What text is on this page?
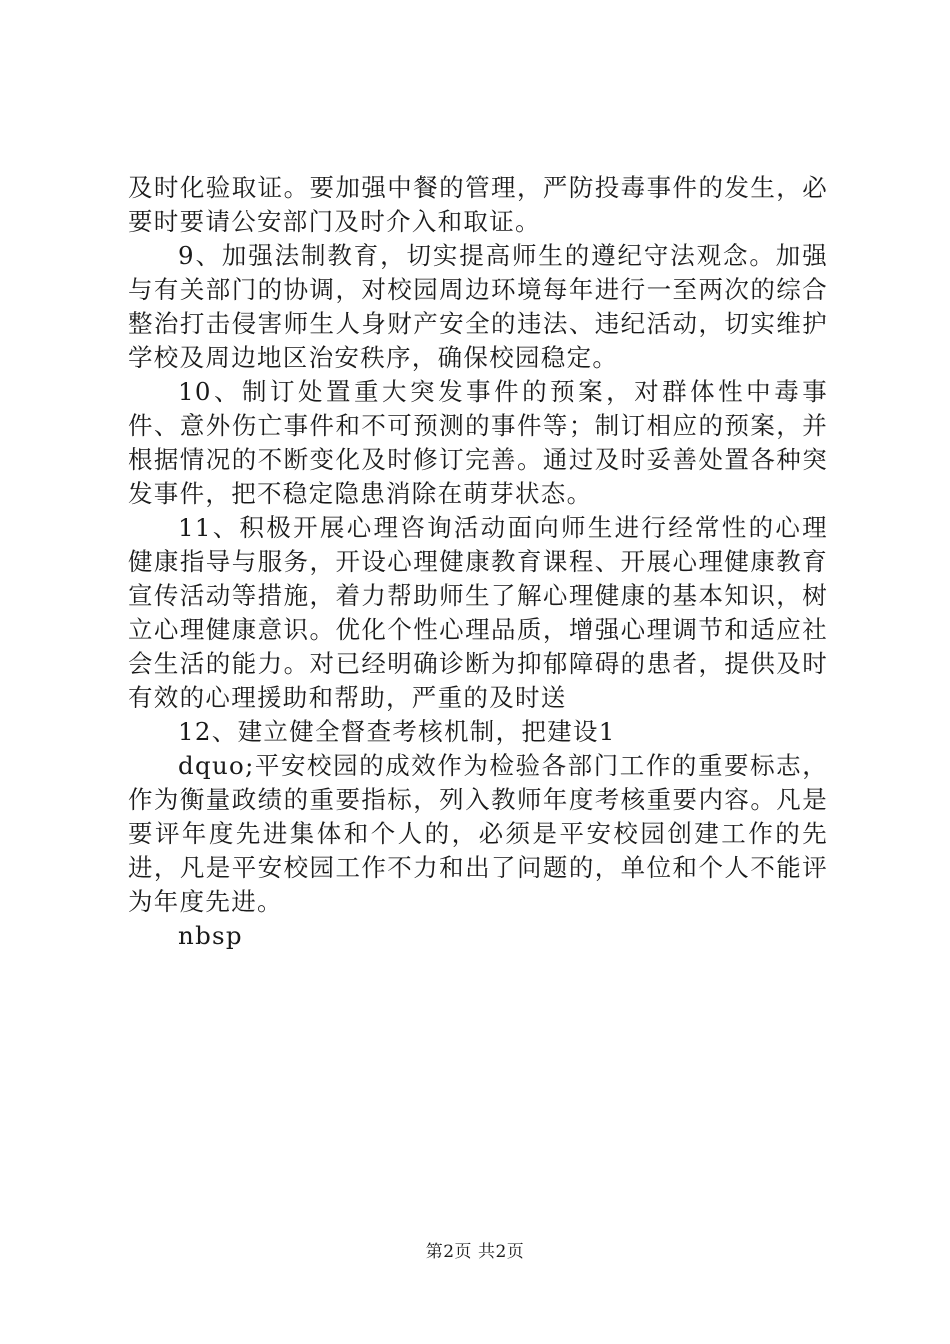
及时化验取证。要加强中餐的管理，严防投毒事件的发生，必要时要请公安部门及时介入和取证。

9、加强法制教育，切实提高师生的遵纪守法观念。加强与有关部门的协调，对校园周边环境每年进行一至两次的综合整治打击侵害师生人身财产安全的违法、违纪活动，切实维护学校及周边地区治安秩序，确保校园稳定。

10、制订处置重大突发事件的预案，对群体性中毒事件、意外伤亡事件和不可预测的事件等；制订相应的预案，并根据情况的不断变化及时修订完善。通过及时妥善处置各种突发事件，把不稳定隐患消除在萌芽状态。

11、积极开展心理咨询活动面向师生进行经常性的心理健康指导与服务，开设心理健康教育课程、开展心理健康教育宣传活动等措施，着力帮助师生了解心理健康的基本知识，树立心理健康意识。优化个性心理品质，增强心理调节和适应社会生活的能力。对已经明确诊断为抑郁障碍的患者，提供及时有效的心理援助和帮助，严重的及时送

12、建立健全督查考核机制，把建设1

dquo;平安校园的成效作为检验各部门工作的重要标志，作为衡量政绩的重要指标，列入教师年度考核重要内容。凡是要评年度先进集体和个人的，必须是平安校园创建工作的先进，凡是平安校园工作不力和出了问题的，单位和个人不能评为年度先进。

nbsp

第2页 共2页
